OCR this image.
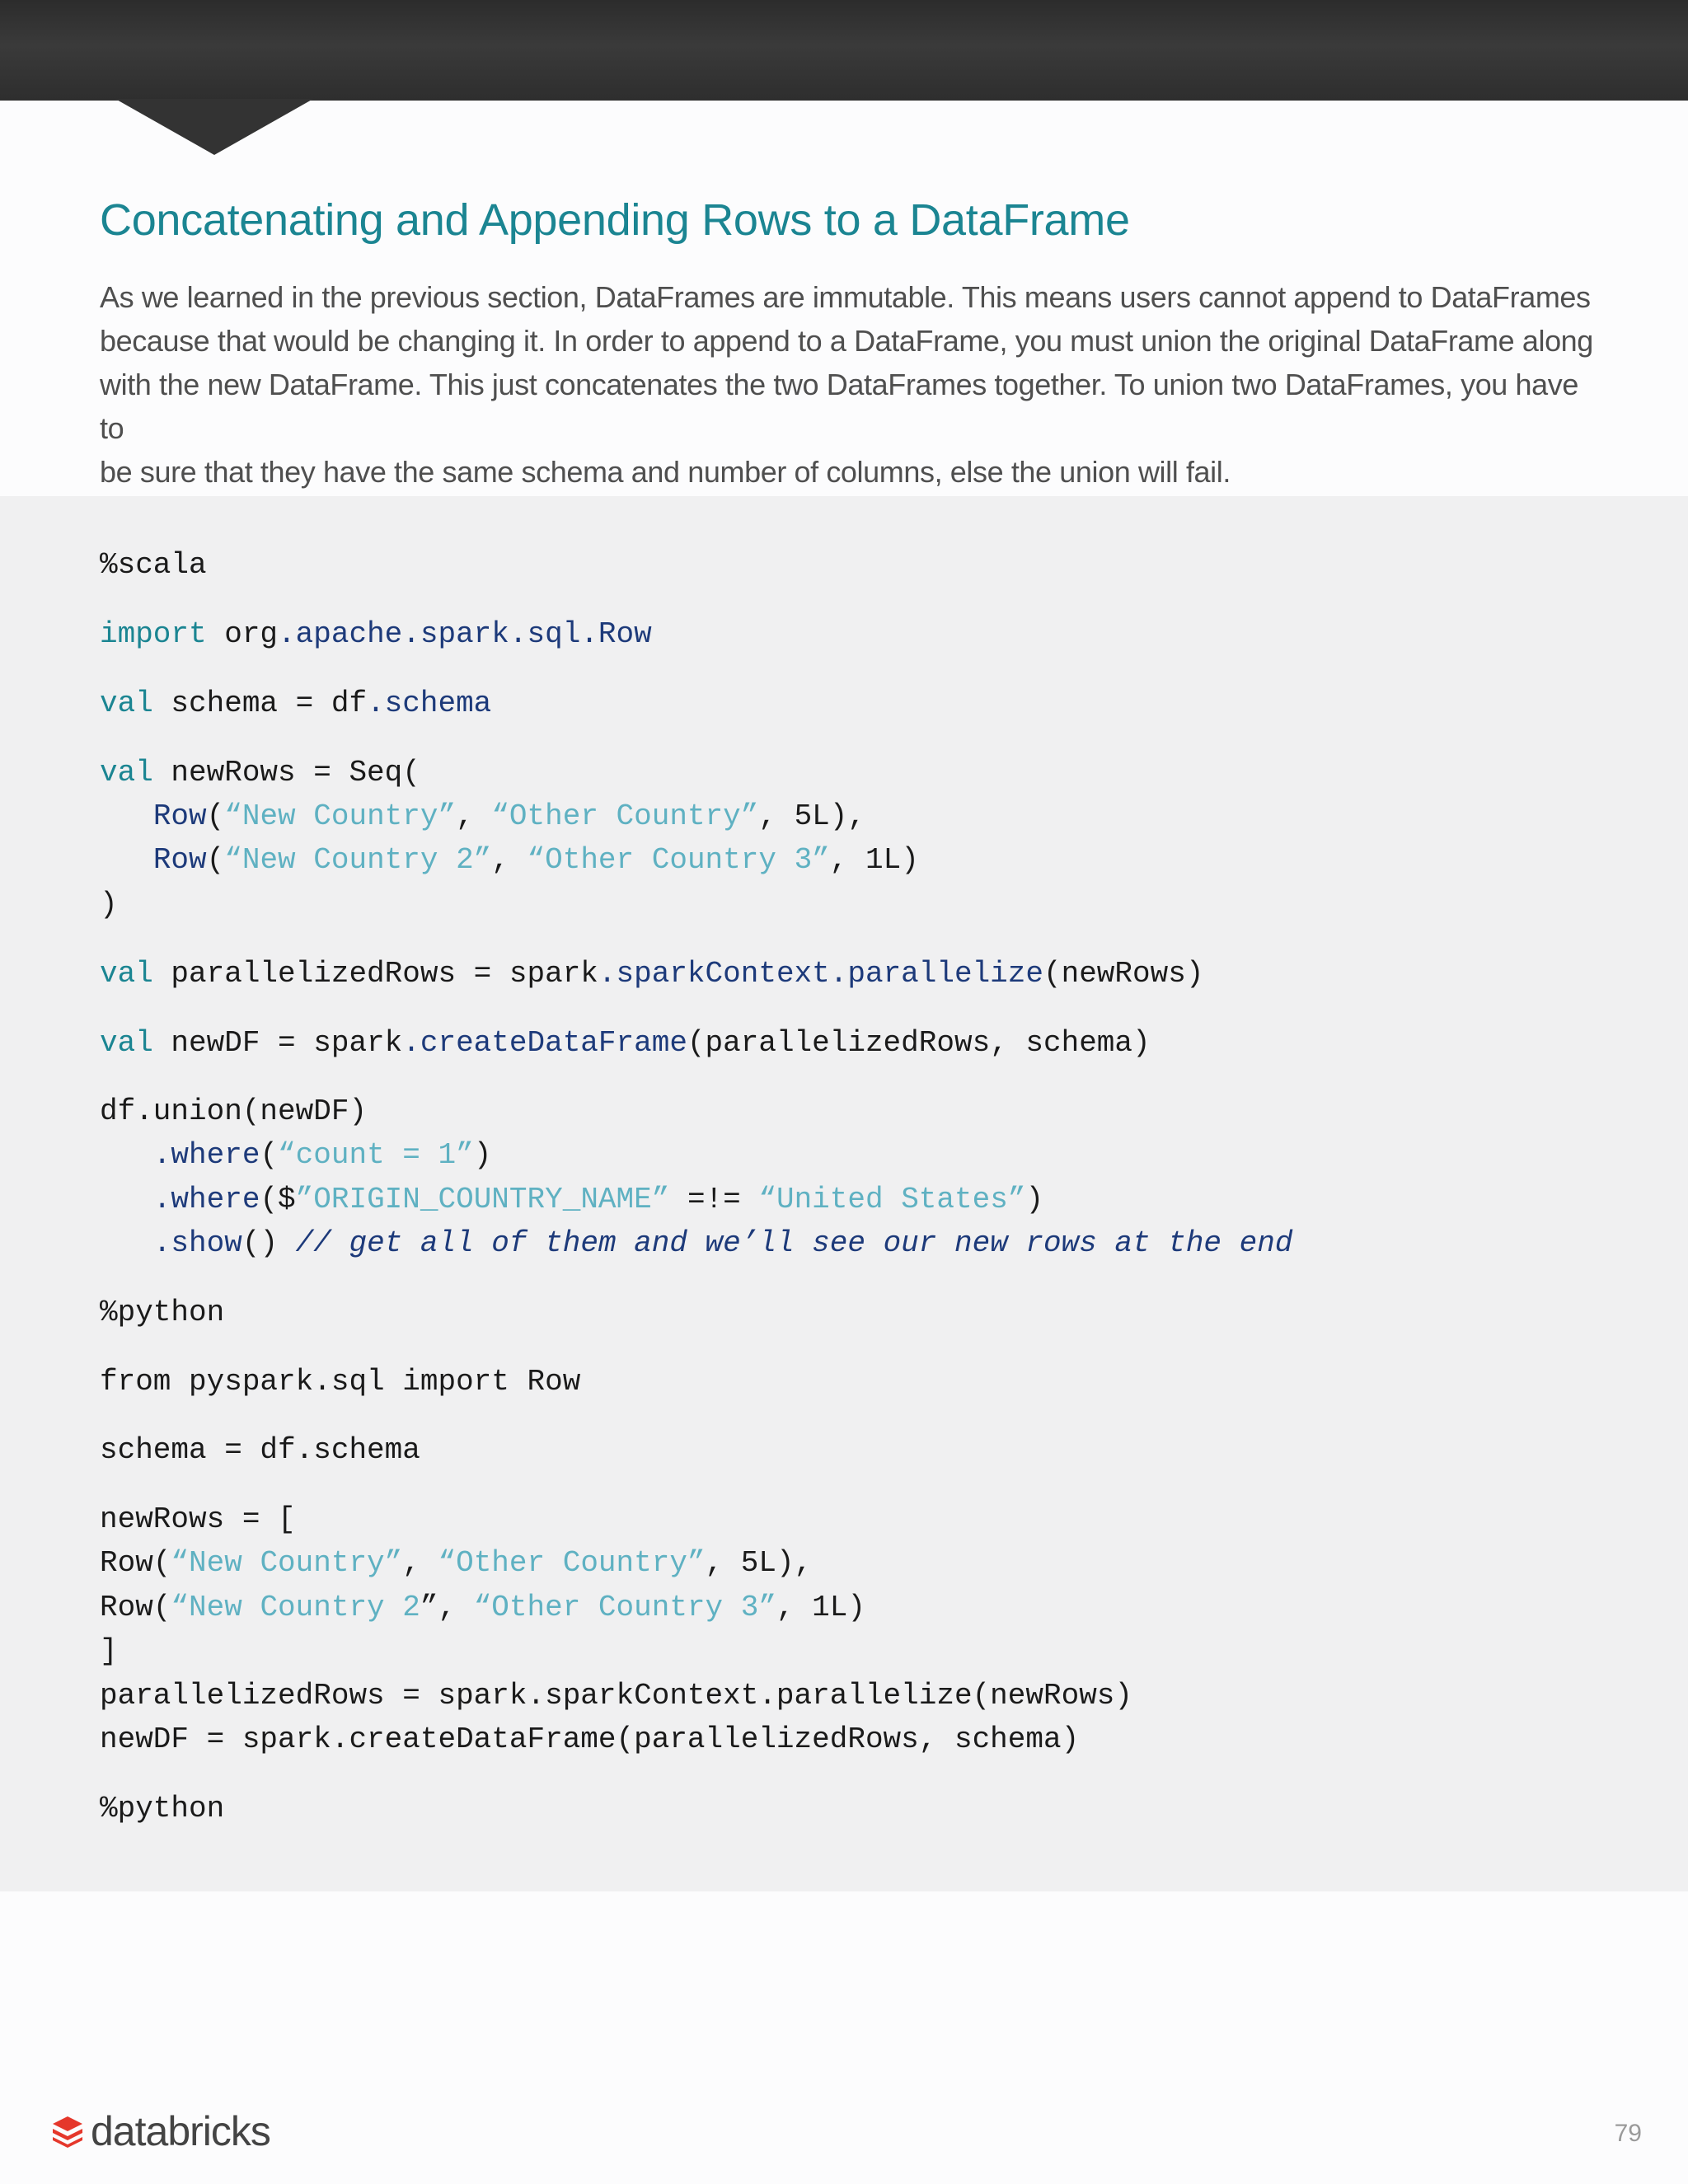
Concatenating and Appending Rows to a DataFrame
As we learned in the previous section, DataFrames are immutable. This means users cannot append to DataFrames
because that would be changing it. In order to append to a DataFrame, you must union the original DataFrame along
with the new DataFrame. This just concatenates the two DataFrames together. To union two DataFrames, you have to
be sure that they have the same schema and number of columns, else the union will fail.
%scala
import org.apache.spark.sql.Row
val schema = df.schema
val newRows = Seq(
Row(“New Country”, “Other Country”, 5L),
Row(“New Country 2”, “Other Country 3”, 1L)
)
val parallelizedRows = spark.sparkContext.parallelize(newRows)
val newDF = spark.createDataFrame(parallelizedRows, schema)
df.union(newDF)
.where(“count = 1”)
.where($”ORIGIN_COUNTRY_NAME” =!= “United States”)
.show() // get all of them and we’ll see our new rows at the end
%python
from pyspark.sql import Row
schema = df.schema
newRows = [
Row(“New Country”, “Other Country”, 5L),
Row(“New Country 2”, “Other Country 3”, 1L)
]
parallelizedRows = spark.sparkContext.parallelize(newRows)
newDF = spark.createDataFrame(parallelizedRows, schema)
%python
databricks	79
